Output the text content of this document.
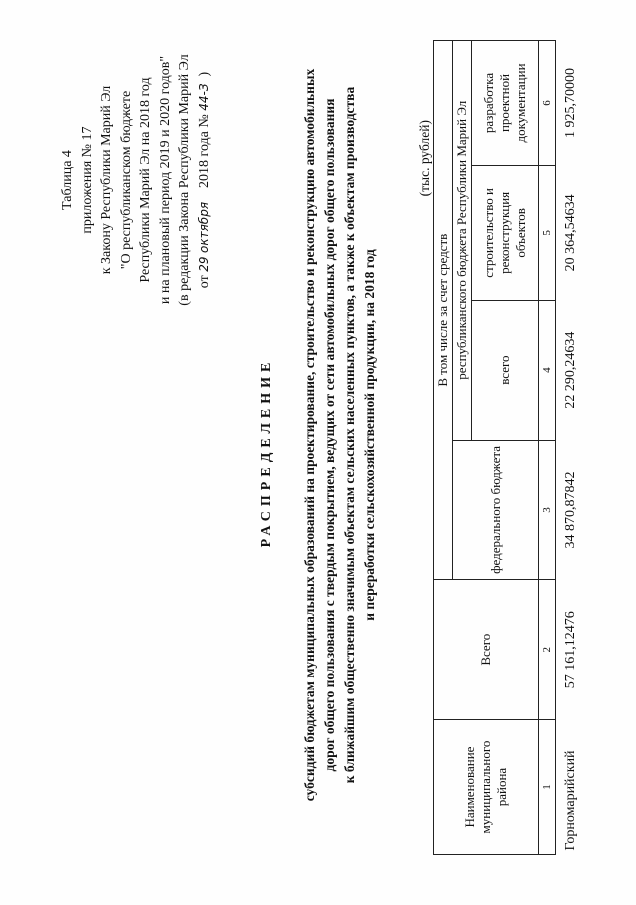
Таблица 4 приложения № 17 к Закону Республики Марий Эл "О республиканском бюджете Республики Марий Эл на 2018 год и на плановый период 2019 и 2020 годов" (в редакции Закона Республики Марий Эл от 29 октября    2018 года № 44-З  )
РАСПРЕДЕЛЕНИЕ субсидий бюджетам муниципальных образований на проектирование, строительство и реконструкцию автомобильных дорог общего пользования с твердым покрытием, ведущих от сети автомобильных дорог общего пользования к ближайшим общественно значимым объектам сельских населенных пунктов, а также к объектам производства и переработки сельскохозяйственной продукции, на 2018 год
(тыс. рублей)
Наименование муниципального района	Всего	В том числе за счет средств			
		федерального бюджета	республиканского бюджета Республики Марий Эл		
			всего	строительство и реконструкция объектов	разработка проектной документации
1	2	3	4	5	6
Горномарийский	57 161,12476	34 870,87842	22 290,24634	20 364,54634	1 925,70000
